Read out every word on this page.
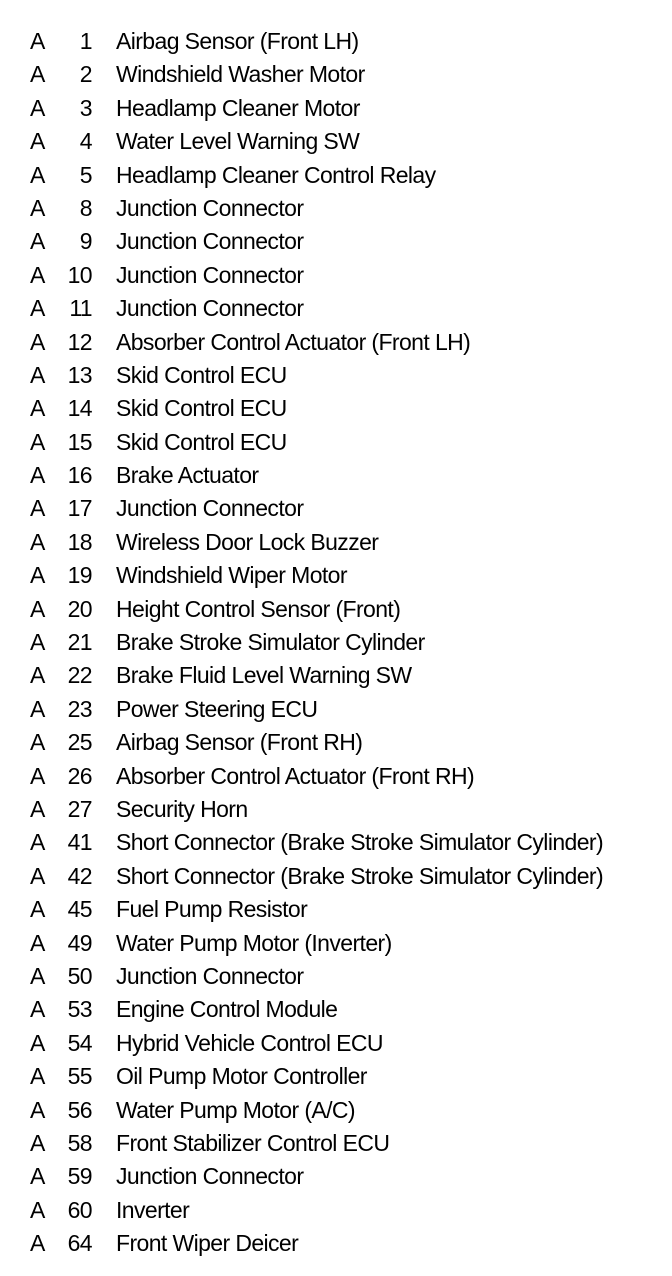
A	1 Airbag Sensor (Front LH)
A	2 Windshield Washer Motor
A	3 Headlamp Cleaner Motor
A	4 Water Level Warning SW
A	5 Headlamp Cleaner Control Relay
A	8 Junction Connector
A	9 Junction Connector
A 10 Junction Connector
A	11 Junction Connector
A 12 Absorber Control Actuator (Front LH)
A 13 Skid Control ECU
A 14 Skid Control ECU
A 15 Skid Control ECU
A 16 Brake Actuator
A 17 Junction Connector
A 18 Wireless Door Lock Buzzer
A 19 Windshield Wiper Motor
A 20 Height Control Sensor (Front)
A 21 Brake Stroke Simulator Cylinder
A 22 Brake Fluid Level Warning SW
A 23 Power Steering ECU
A 25 Airbag Sensor (Front RH)
A 26 Absorber Control Actuator (Front RH)
A 27 Security Horn
A 41 Short Connector (Brake Stroke Simulator Cylinder)
A 42 Short Connector (Brake Stroke Simulator Cylinder)
A 45 Fuel Pump Resistor
A 49 Water Pump Motor (Inverter)
A 50 Junction Connector
A 53 Engine Control Module
A 54 Hybrid Vehicle Control ECU
A 55 Oil Pump Motor Controller
A 56 Water Pump Motor (A/C)
A 58 Front Stabilizer Control ECU
A 59 Junction Connector
A 60 Inverter
A 64 Front Wiper Deicer
